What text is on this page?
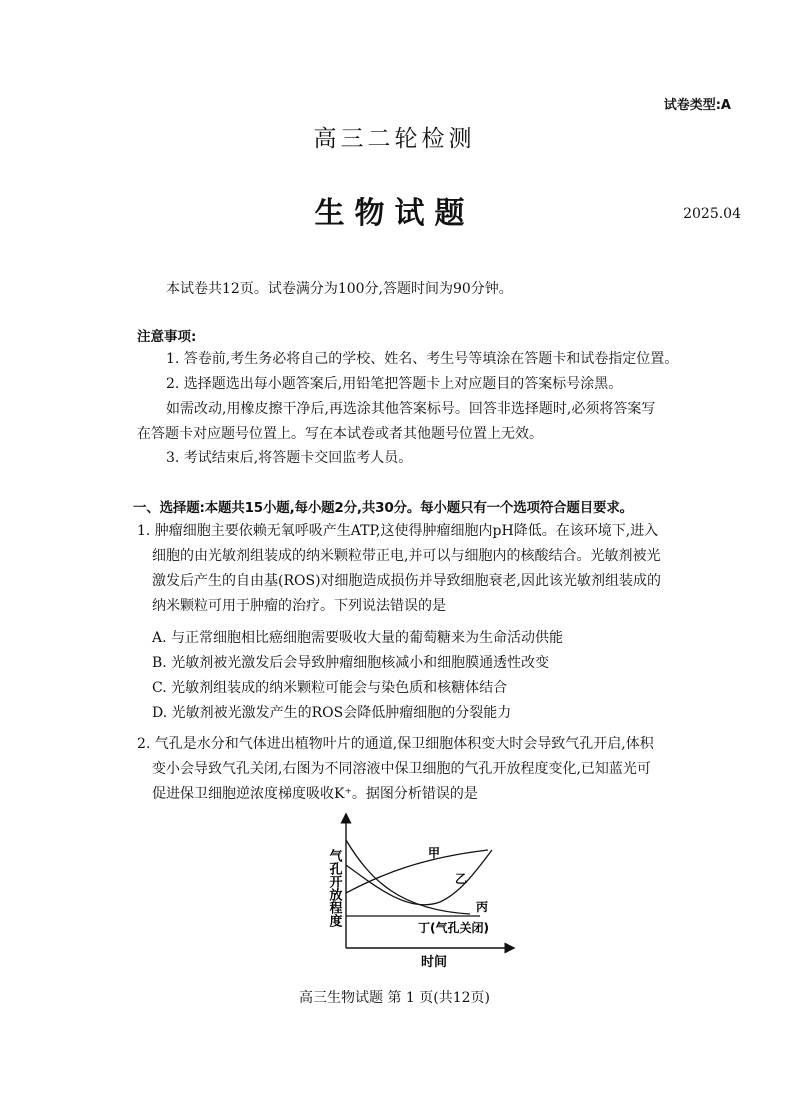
试卷类型:A
高三二轮检测
生物试题	2025.04
本试卷共12页。试卷满分为100分,答题时间为90分钟。
注意事项:
1. 答卷前,考生务必将自己的学校、姓名、考生号等填涂在答题卡和试卷指定位置。
2. 选择题选出每小题答案后,用铅笔把答题卡上对应题目的答案标号涂黑。
如需改动,用橡皮擦干净后,再选涂其他答案标号。回答非选择题时,必须将答案写
在答题卡对应题号位置上。写在本试卷或者其他题号位置上无效。
3. 考试结束后,将答题卡交回监考人员。
一、选择题:本题共15小题,每小题2分,共30分。每小题只有一个选项符合题目要求。
1. 肿瘤细胞主要依赖无氧呼吸产生ATP,这使得肿瘤细胞内pH降低。在该环境下,进入
细胞的由光敏剂组装成的纳米颗粒带正电,并可以与细胞内的核酸结合。光敏剂被光
激发后产生的自由基(ROS)对细胞造成损伤并导致细胞衰老,因此该光敏剂组装成的
纳米颗粒可用于肿瘤的治疗。下列说法错误的是
A. 与正常细胞相比癌细胞需要吸收大量的葡萄糖来为生命活动供能
B. 光敏剂被光激发后会导致肿瘤细胞核减小和细胞膜通透性改变
C. 光敏剂组装成的纳米颗粒可能会与染色质和核糖体结合
D. 光敏剂被光激发产生的ROS会降低肿瘤细胞的分裂能力
2. 气孔是水分和气体进出植物叶片的通道,保卫细胞体积变大时会导致气孔开启,体积
变小会导致气孔关闭,右图为不同溶液中保卫细胞的气孔开放程度变化,已知蓝光可
促进保卫细胞逆浓度梯度吸收K⁺。据图分析错误的是
气孔开放程度
时间
甲
乙
丙
丁(气孔关闭)
高三生物试题 第 1 页(共12页)
